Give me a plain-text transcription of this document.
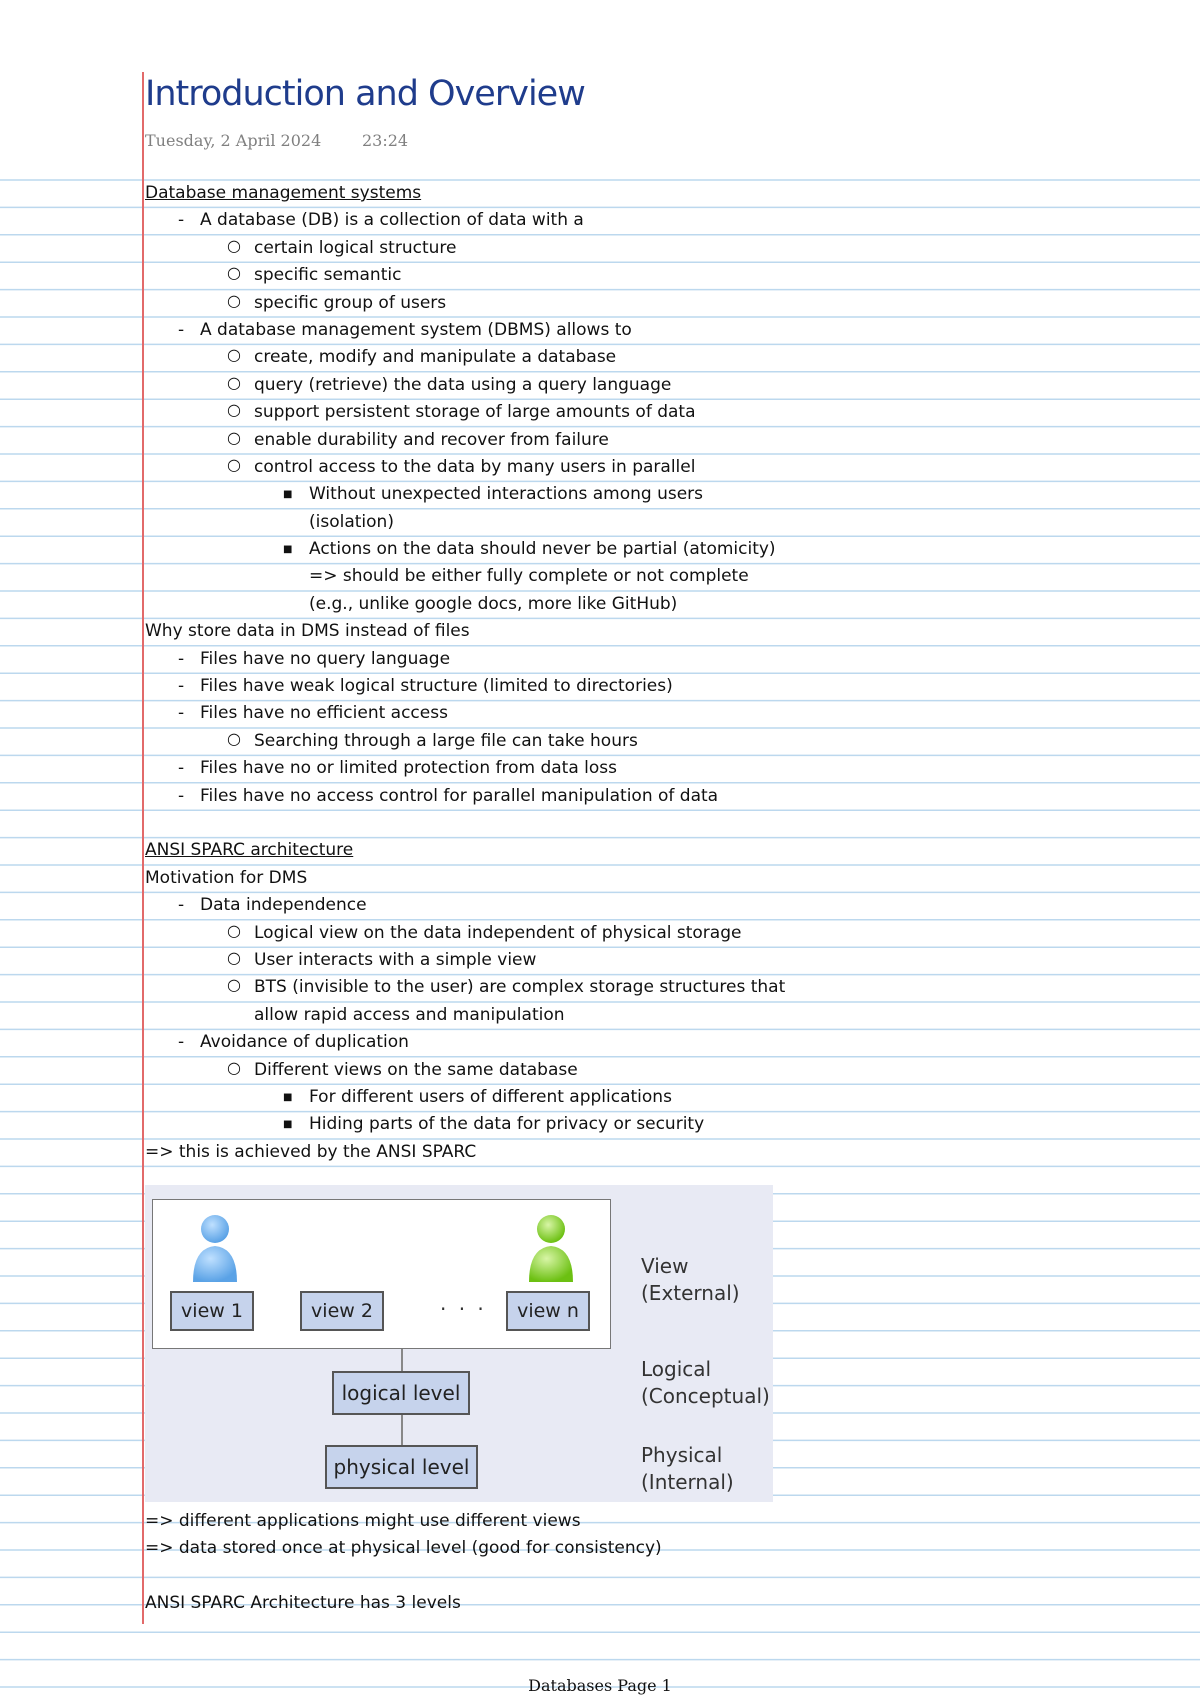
Introduction and Overview
Tuesday, 2 April 2024	23:24
Database management systems
- A database (DB) is a collection of data with a
○ certain logical structure
○ specific semantic
○ specific group of users
- A database management system (DBMS) allows to
○ create, modify and manipulate a database
○ query (retrieve) the data using a query language
○ support persistent storage of large amounts of data
○ enable durability and recover from failure
○ control access to the data by many users in parallel
■ Without unexpected interactions among users
(isolation)
■ Actions on the data should never be partial (atomicity)
=> should be either fully complete or not complete
(e.g., unlike google docs, more like GitHub)
Why store data in DMS instead of files
- Files have no query language
- Files have weak logical structure (limited to directories)
- Files have no efficient access
○ Searching through a large file can take hours
- Files have no or limited protection from data loss
- Files have no access control for parallel manipulation of data
ANSI SPARC architecture
Motivation for DMS
- Data independence
○ Logical view on the data independent of physical storage
○ User interacts with a simple view
○ BTS (invisible to the user) are complex storage structures that
allow rapid access and manipulation
- Avoidance of duplication
○ Different views on the same database
■ For different users of different applications
■ Hiding parts of the data for privacy or security
=> this is achieved by the ANSI SPARC
view 1	view 2	· · ·	view n
logical level
physical level
View
(External)
Logical
(Conceptual)
Physical
(Internal)
=> different applications might use different views
=> data stored once at physical level (good for consistency)
ANSI SPARC Architecture has 3 levels
Databases Page 1
